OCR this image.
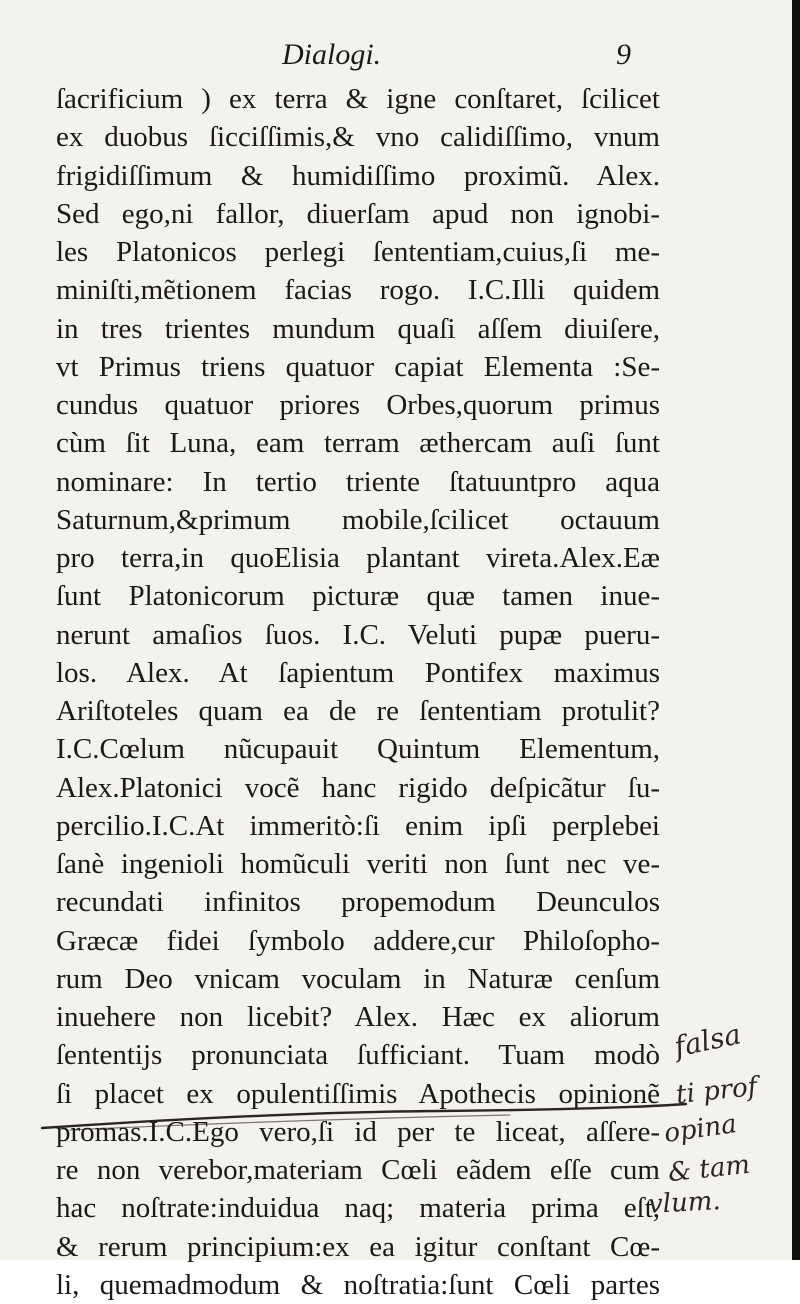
Dialogi.	9
ſacrificium ) ex terra & igne conſtaret, ſcilicet
ex duobus ſicciſſimis,& vno calidiſſimo, vnum
frigidiſſimum & humidiſſimo proximũ. Alex.
Sed ego,ni fallor, diuerſam apud non ignobi-
les Platonicos perlegi ſententiam,cuius,ſi me-
miniſti,mẽtionem facias rogo. I.C.Illi quidem
in tres trientes mundum quaſi aſſem diuiſere,
vt Primus triens quatuor capiat Elementa :Se-
cundus quatuor priores Orbes,quorum primus
cùm ſit Luna, eam terram æthercam auſi ſunt
nominare: In tertio triente ſtatuuntpro aqua
Saturnum,&primum mobile,ſcilicet octauum
pro terra,in quoElisia plantant vireta.Alex.Eæ
ſunt Platonicorum picturæ quæ tamen inue-
nerunt amaſios ſuos. I.C. Veluti pupæ pueru-
los. Alex. At ſapientum Pontifex maximus
Ariſtoteles quam ea de re ſententiam protulit?
I.C.Cœlum nũcupauit Quintum Elementum,
Alex.Platonici vocẽ hanc rigido deſpicãtur ſu-
percilio.I.C.At immeritò:ſi enim ipſi perplebei
ſanè ingenioli homũculi veriti non ſunt nec ve-
recundati infinitos propemodum Deunculos
Græcæ fidei ſymbolo addere,cur Philoſopho-
rum Deo vnicam voculam in Naturæ cenſum
inuehere non licebit? Alex. Hæc ex aliorum
ſententijs pronunciata ſufficiant. Tuam modò
ſi placet ex opulentiſſimis Apothecis opinionẽ
promas.I.C.Ego vero,ſi id per te liceat, aſſere-
re non verebor,materiam Cœli eãdem eſſe cum
hac noſtrate:induidua naq; materia prima eſt,
& rerum principium:ex ea igitur conſtant Cœ-
li, quemadmodum & noſtratia:ſunt Cœli partes
falsa
ti prof
opina
& tam
vlum.
